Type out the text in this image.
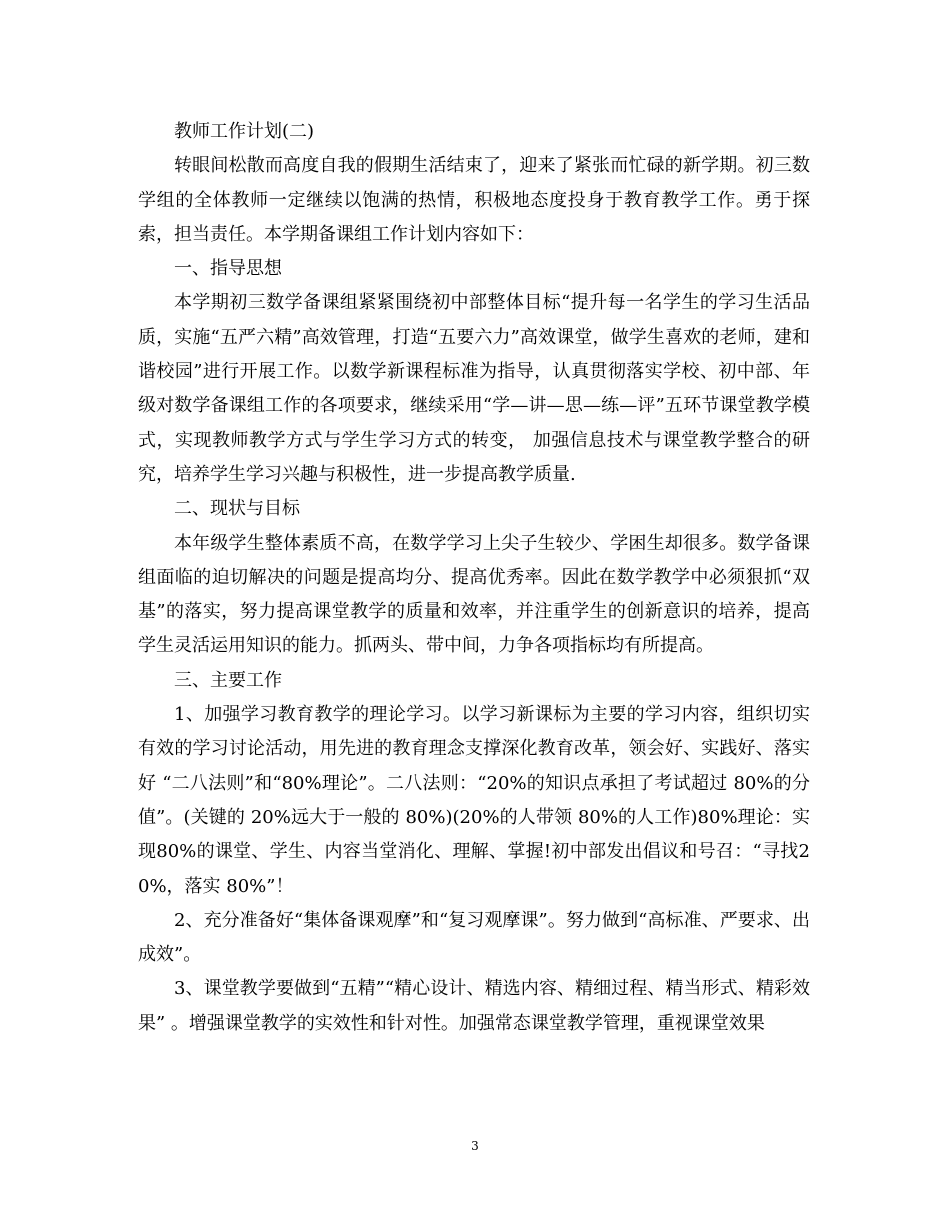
教师工作计划(二)

转眼间松散而高度自我的假期生活结束了，迎来了紧张而忙碌的新学期。初三数学组的全体教师一定继续以饱满的热情，积极地态度投身于教育教学工作。勇于探索，担当责任。本学期备课组工作计划内容如下：

一、指导思想

本学期初三数学备课组紧紧围绕初中部整体目标“提升每一名学生的学习生活品质，实施“五严六精”高效管理，打造“五要六力”高效课堂，做学生喜欢的老师，建和谐校园”进行开展工作。以数学新课程标准为指导，认真贯彻落实学校、初中部、年级对数学备课组工作的各项要求，继续采用“学—讲—思—练—评”五环节课堂教学模式，实现教师教学方式与学生学习方式的转变， 加强信息技术与课堂教学整合的研究，培养学生学习兴趣与积极性，进一步提高教学质量.

二、现状与目标

本年级学生整体素质不高，在数学学习上尖子生较少、学困生却很多。数学备课组面临的迫切解决的问题是提高均分、提高优秀率。因此在数学教学中必须狠抓“双基”的落实，努力提高课堂教学的质量和效率，并注重学生的创新意识的培养，提高学生灵活运用知识的能力。抓两头、带中间，力争各项指标均有所提高。

三、主要工作

1、加强学习教育教学的理论学习。以学习新课标为主要的学习内容，组织切实有效的学习讨论活动，用先进的教育理念支撑深化教育改革，领会好、实践好、落实好 “二八法则”和“80%理论”。二八法则：“20%的知识点承担了考试超过 80%的分值”。(关键的 20%远大于一般的 80%)(20%的人带领 80%的人工作)80%理论：实现80%的课堂、学生、内容当堂消化、理解、掌握!初中部发出倡议和号召：“寻找20%，落实 80%”！

2、充分准备好“集体备课观摩”和“复习观摩课”。努力做到“高标准、严要求、出成效”。

3、课堂教学要做到“五精”“精心设计、精选内容、精细过程、精当形式、精彩效果” 。增强课堂教学的实效性和针对性。加强常态课堂教学管理，重视课堂效果

3
